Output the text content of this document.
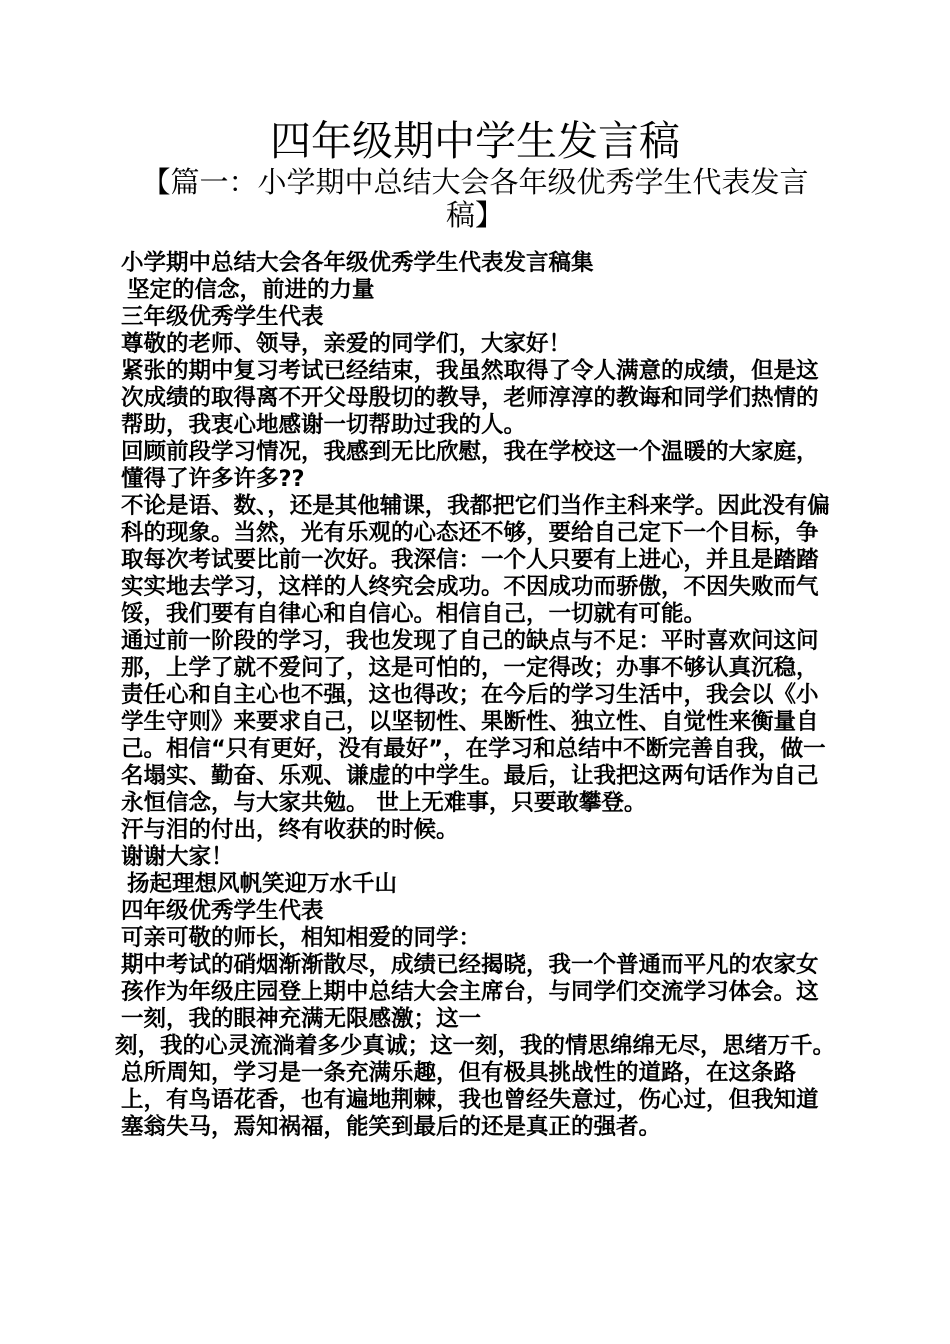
四年级期中学生发言稿
【篇一：小学期中总结大会各年级优秀学生代表发言稿】

小学期中总结大会各年级优秀学生代表发言稿集

坚定的信念，前进的力量

三年级优秀学生代表

尊敬的老师、领导，亲爱的同学们，大家好！

紧张的期中复习考试已经结束，我虽然取得了令人满意的成绩，但是这次成绩的取得离不开父母殷切的教导，老师淳淳的教诲和同学们热情的帮助，我衷心地感谢一切帮助过我的人。

回顾前段学习情况，我感到无比欣慰，我在学校这一个温暖的大家庭，懂得了许多许多??

不论是语、数、，还是其他辅课，我都把它们当作主科来学。因此没有偏科的现象。当然，光有乐观的心态还不够，要给自己定下一个目标，争取每次考试要比前一次好。我深信：一个人只要有上进心，并且是踏踏实实地去学习，这样的人终究会成功。不因成功而骄傲，不因失败而气馁，我们要有自律心和自信心。相信自己，一切就有可能。

通过前一阶段的学习，我也发现了自己的缺点与不足：平时喜欢问这问那，上学了就不爱问了，这是可怕的，一定得改；办事不够认真沉稳，责任心和自主心也不强，这也得改；在今后的学习生活中，我会以《小学生守则》来要求自己，以坚韧性、果断性、独立性、自觉性来衡量自己。相信“只有更好，没有最好”，在学习和总结中不断完善自我，做一名塌实、勤奋、乐观、谦虚的中学生。最后，让我把这两句话作为自己永恒信念，与大家共勉。 世上无难事，只要敢攀登。

汗与泪的付出，终有收获的时候。

谢谢大家！

扬起理想风帆笑迎万水千山

四年级优秀学生代表

可亲可敬的师长，相知相爱的同学：

期中考试的硝烟渐渐散尽，成绩已经揭晓，我一个普通而平凡的农家女孩作为年级庄园登上期中总结大会主席台，与同学们交流学习体会。这一刻，我的眼神充满无限感激；这一

刻，我的心灵流淌着多少真诚；这一刻，我的情思绵绵无尽，思绪万千。

总所周知，学习是一条充满乐趣，但有极具挑战性的道路，在这条路上，有鸟语花香，也有遍地荆棘，我也曾经失意过，伤心过，但我知道塞翁失马，焉知祸福，能笑到最后的还是真正的强者。
